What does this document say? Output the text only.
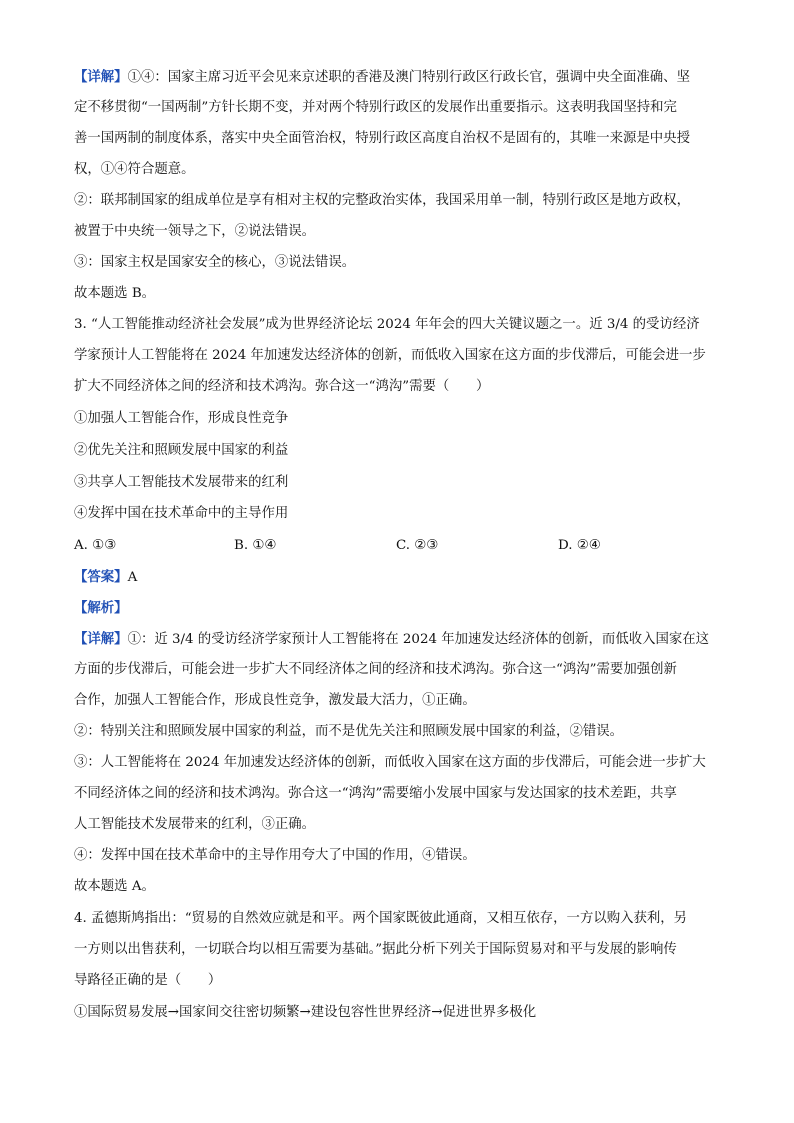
【详解】①④：国家主席习近平会见来京述职的香港及澳门特别行政区行政长官，强调中央全面准确、坚
定不移贯彻“一国两制”方针长期不变，并对两个特别行政区的发展作出重要指示。这表明我国坚持和完
善一国两制的制度体系，落实中央全面管治权，特别行政区高度自治权不是固有的，其唯一来源是中央授
权，①④符合题意。
②：联邦制国家的组成单位是享有相对主权的完整政治实体，我国采用单一制，特别行政区是地方政权，
被置于中央统一领导之下，②说法错误。
③：国家主权是国家安全的核心，③说法错误。
故本题选 B。
3. “人工智能推动经济社会发展”成为世界经济论坛 2024 年年会的四大关键议题之一。近 3/4 的受访经济
学家预计人工智能将在 2024 年加速发达经济体的创新，而低收入国家在这方面的步伐滞后，可能会进一步
扩大不同经济体之间的经济和技术鸿沟。弥合这一“鸿沟”需要（　　）
①加强人工智能合作，形成良性竞争
②优先关注和照顾发展中国家的利益
③共享人工智能技术发展带来的红利
④发挥中国在技术革命中的主导作用
A. ①③	B. ①④	C. ②③	D. ②④
【答案】A
【解析】
【详解】①：近 3/4 的受访经济学家预计人工智能将在 2024 年加速发达经济体的创新，而低收入国家在这
方面的步伐滞后，可能会进一步扩大不同经济体之间的经济和技术鸿沟。弥合这一“鸿沟”需要加强创新
合作，加强人工智能合作，形成良性竞争，激发最大活力，①正确。
②：特别关注和照顾发展中国家的利益，而不是优先关注和照顾发展中国家的利益，②错误。
③：人工智能将在 2024 年加速发达经济体的创新，而低收入国家在这方面的步伐滞后，可能会进一步扩大
不同经济体之间的经济和技术鸿沟。弥合这一“鸿沟”需要缩小发展中国家与发达国家的技术差距，共享
人工智能技术发展带来的红利，③正确。
④：发挥中国在技术革命中的主导作用夸大了中国的作用，④错误。
故本题选 A。
4. 孟德斯鸠指出：“贸易的自然效应就是和平。两个国家既彼此通商，又相互依存，一方以购入获利，另
一方则以出售获利，一切联合均以相互需要为基础。”据此分析下列关于国际贸易对和平与发展的影响传
导路径正确的是（　　）
①国际贸易发展→国家间交往密切频繁→建设包容性世界经济→促进世界多极化
